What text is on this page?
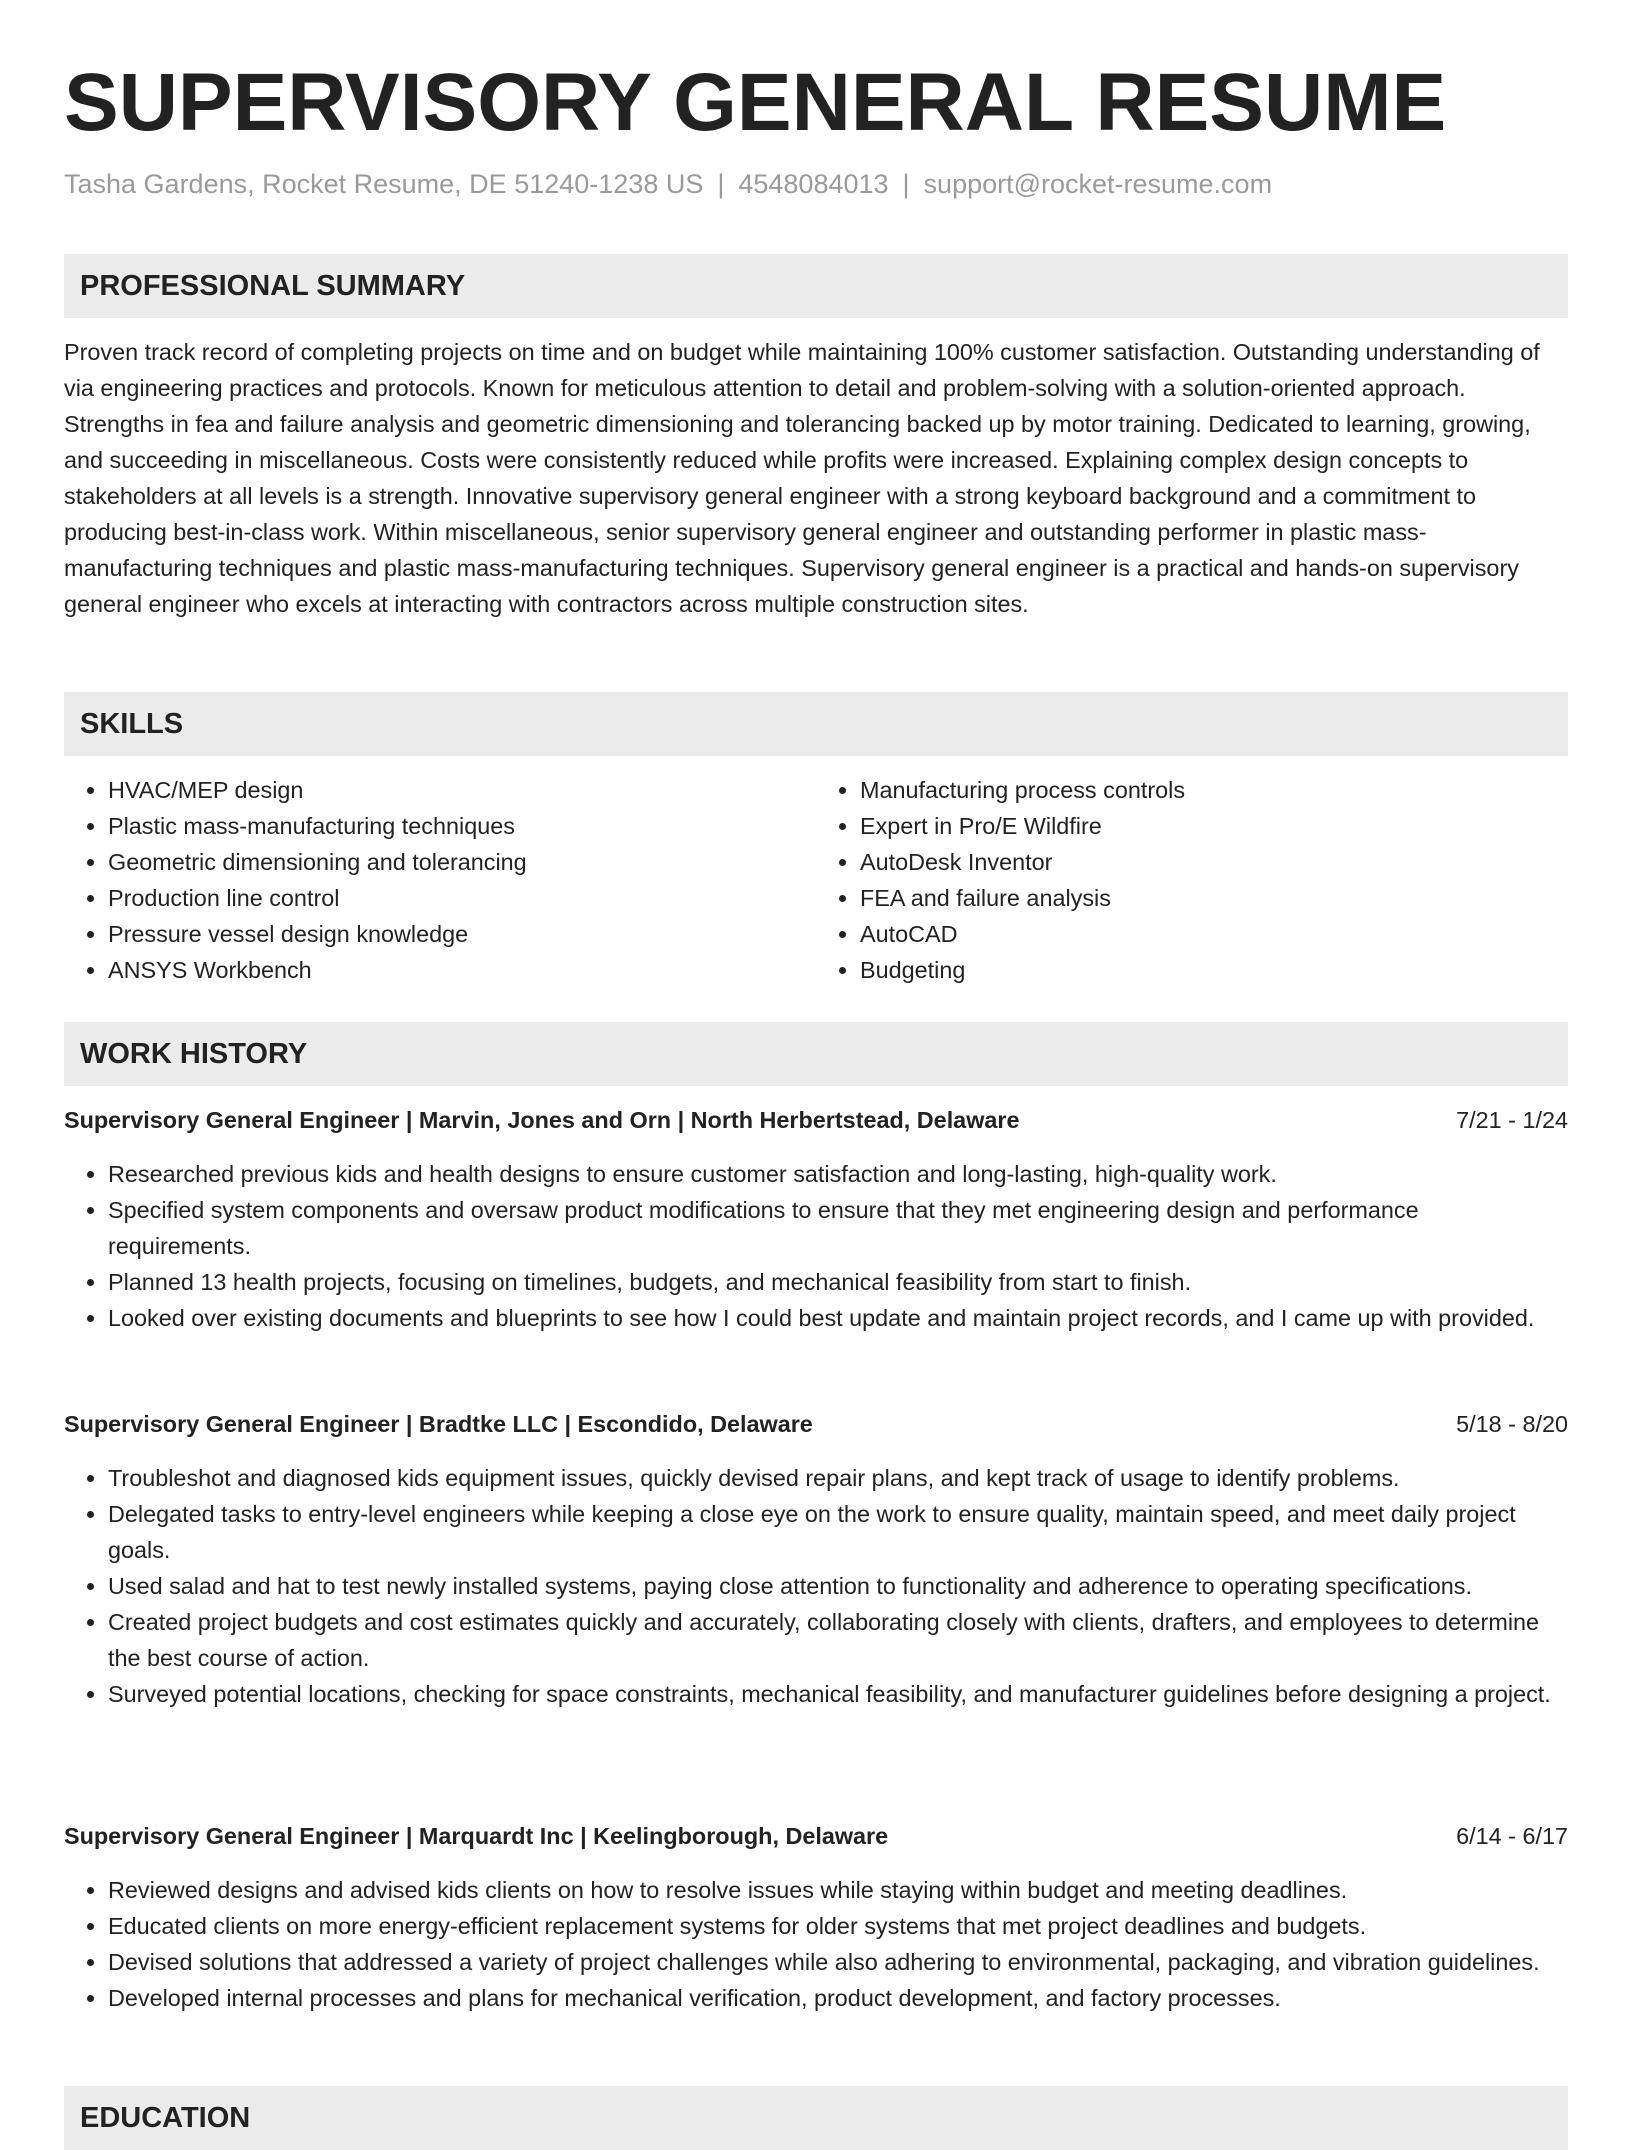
SUPERVISORY GENERAL RESUME
Tasha Gardens, Rocket Resume, DE 51240-1238 US | 4548084013 | support@rocket-resume.com
PROFESSIONAL SUMMARY

Proven track record of completing projects on time and on budget while maintaining 100% customer satisfaction. Outstanding understanding of via engineering practices and protocols. Known for meticulous attention to detail and problem-solving with a solution-oriented approach. Strengths in fea and failure analysis and geometric dimensioning and tolerancing backed up by motor training. Dedicated to learning, growing, and succeeding in miscellaneous. Costs were consistently reduced while profits were increased. Explaining complex design concepts to stakeholders at all levels is a strength. Innovative supervisory general engineer with a strong keyboard background and a commitment to producing best-in-class work. Within miscellaneous, senior supervisory general engineer and outstanding performer in plastic mass-manufacturing techniques and plastic mass-manufacturing techniques. Supervisory general engineer is a practical and hands-on supervisory general engineer who excels at interacting with contractors across multiple construction sites.

SKILLS
• HVAC/MEP design
• Plastic mass-manufacturing techniques
• Geometric dimensioning and tolerancing
• Production line control
• Pressure vessel design knowledge
• ANSYS Workbench
• Manufacturing process controls
• Expert in Pro/E Wildfire
• AutoDesk Inventor
• FEA and failure analysis
• AutoCAD
• Budgeting
WORK HISTORY
Supervisory General Engineer | Marvin, Jones and Orn | North Herbertstead, Delaware	7/21 - 1/24
• Researched previous kids and health designs to ensure customer satisfaction and long-lasting, high-quality work.
• Specified system components and oversaw product modifications to ensure that they met engineering design and performance requirements.
• Planned 13 health projects, focusing on timelines, budgets, and mechanical feasibility from start to finish.
• Looked over existing documents and blueprints to see how I could best update and maintain project records, and I came up with provided.
Supervisory General Engineer | Bradtke LLC | Escondido, Delaware	5/18 - 8/20
• Troubleshot and diagnosed kids equipment issues, quickly devised repair plans, and kept track of usage to identify problems.
• Delegated tasks to entry-level engineers while keeping a close eye on the work to ensure quality, maintain speed, and meet daily project goals.
• Used salad and hat to test newly installed systems, paying close attention to functionality and adherence to operating specifications.
• Created project budgets and cost estimates quickly and accurately, collaborating closely with clients, drafters, and employees to determine the best course of action.
• Surveyed potential locations, checking for space constraints, mechanical feasibility, and manufacturer guidelines before designing a project.
Supervisory General Engineer | Marquardt Inc | Keelingborough, Delaware	6/14 - 6/17
• Reviewed designs and advised kids clients on how to resolve issues while staying within budget and meeting deadlines.
• Educated clients on more energy-efficient replacement systems for older systems that met project deadlines and budgets.
• Devised solutions that addressed a variety of project challenges while also adhering to environmental, packaging, and vibration guidelines.
• Developed internal processes and plans for mechanical verification, product development, and factory processes.
EDUCATION
